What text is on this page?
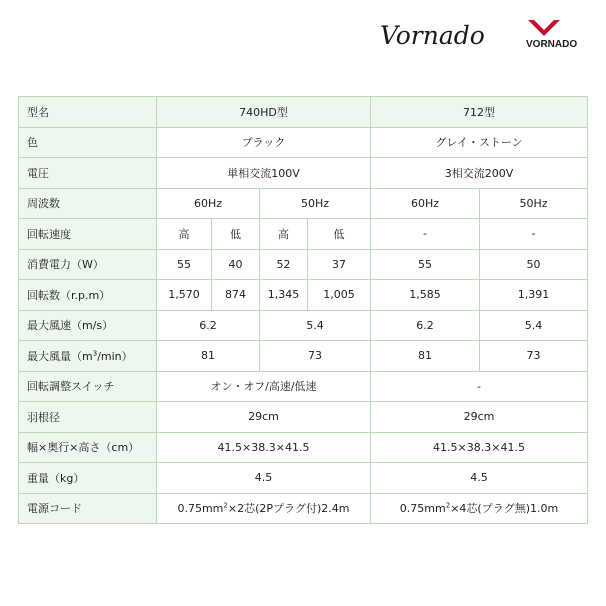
Vornado	VORNADO
型名	740HD型				712型	
色	ブラック				グレイ・ストーン	
電圧	単相交流100V				3相交流200V	
周波数	60Hz		50Hz		60Hz	50Hz
回転速度	高	低	高	低	-	-
消費電力（W）	55	40	52	37	55	50
回転数（r.p.m）	1,570	874	1,345	1,005	1,585	1,391
最大風速（m/s）	6.2		5.4		6.2	5.4
最大風量$(m^3/\min)$	81		73		81	73
回転調整スイッチ	オン・オフ/高速/低速				-	
羽根径	29cm				29cm	
幅×奥行×高さ（cm）	41.5×38.3×41.5				41.5×38.3×41.5	
重量（kg）	4.5				4.5	
電源コード	$0.75mm^2\times 2$芯(2Pプラグ付)2.4m				$0.75mm^2\times 4$芯(プラグ無)1.0m	
